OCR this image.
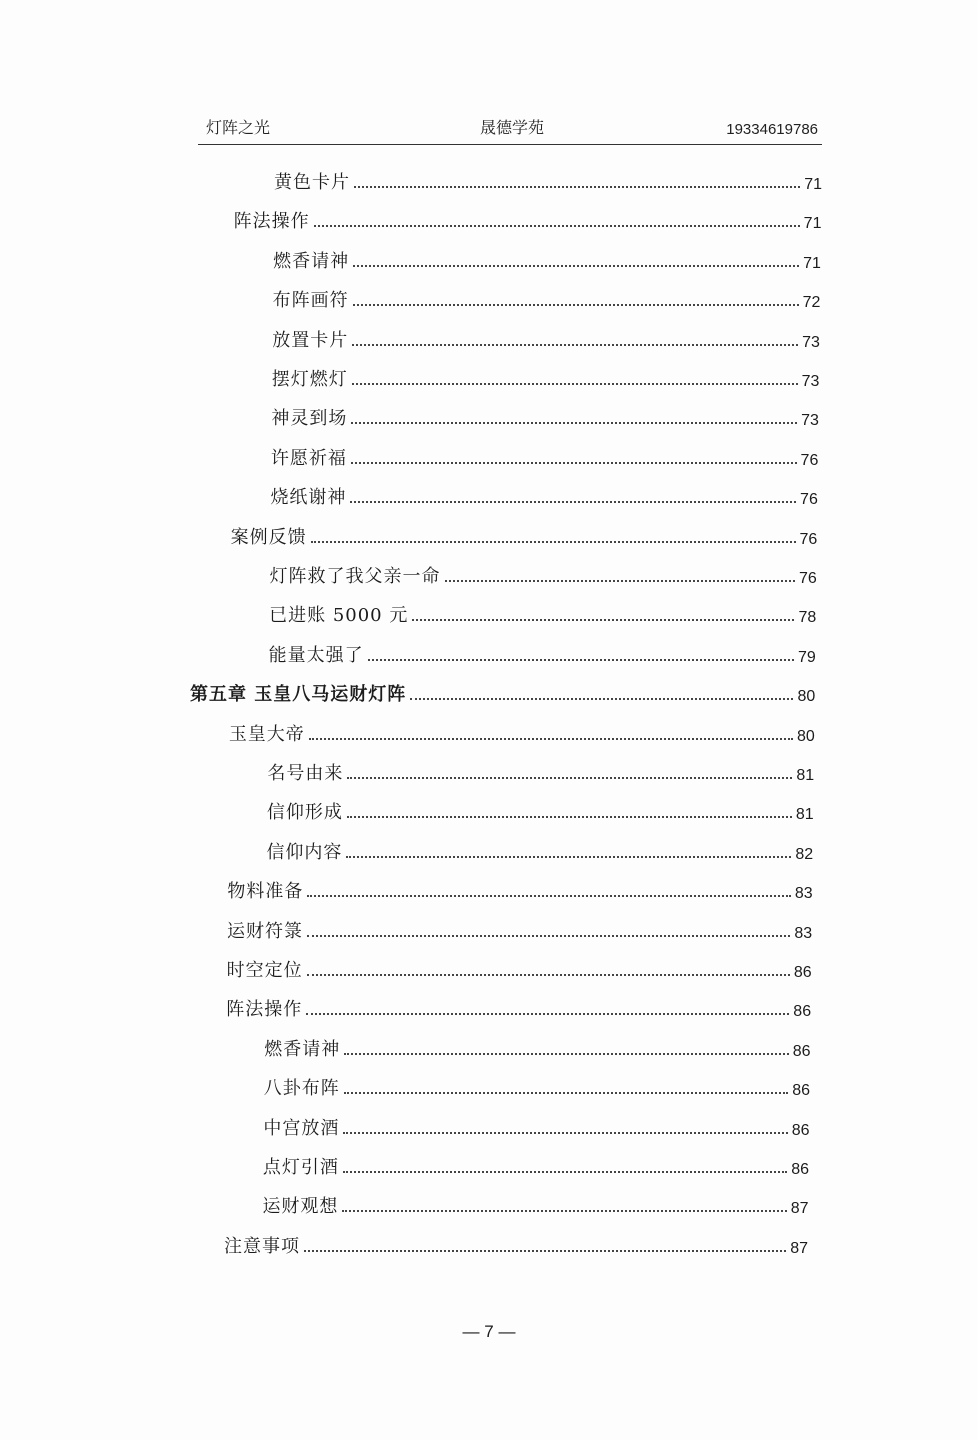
灯阵之光	晟德学苑	19334619786
黄色卡片	71
阵法操作	71
燃香请神	71
布阵画符	72
放置卡片	73
摆灯燃灯	73
神灵到场	73
许愿祈福	76
烧纸谢神	76
案例反馈	76
灯阵救了我父亲一命	76
已进账 5000 元	78
能量太强了	79
第五章 玉皇八马运财灯阵	80
玉皇大帝	80
名号由来	81
信仰形成	81
信仰内容	82
物料准备	83
运财符箓	83
时空定位	86
阵法操作	86
燃香请神	86
八卦布阵	86
中宫放酒	86
点灯引酒	86
运财观想	87
注意事项	87
— 7 —
